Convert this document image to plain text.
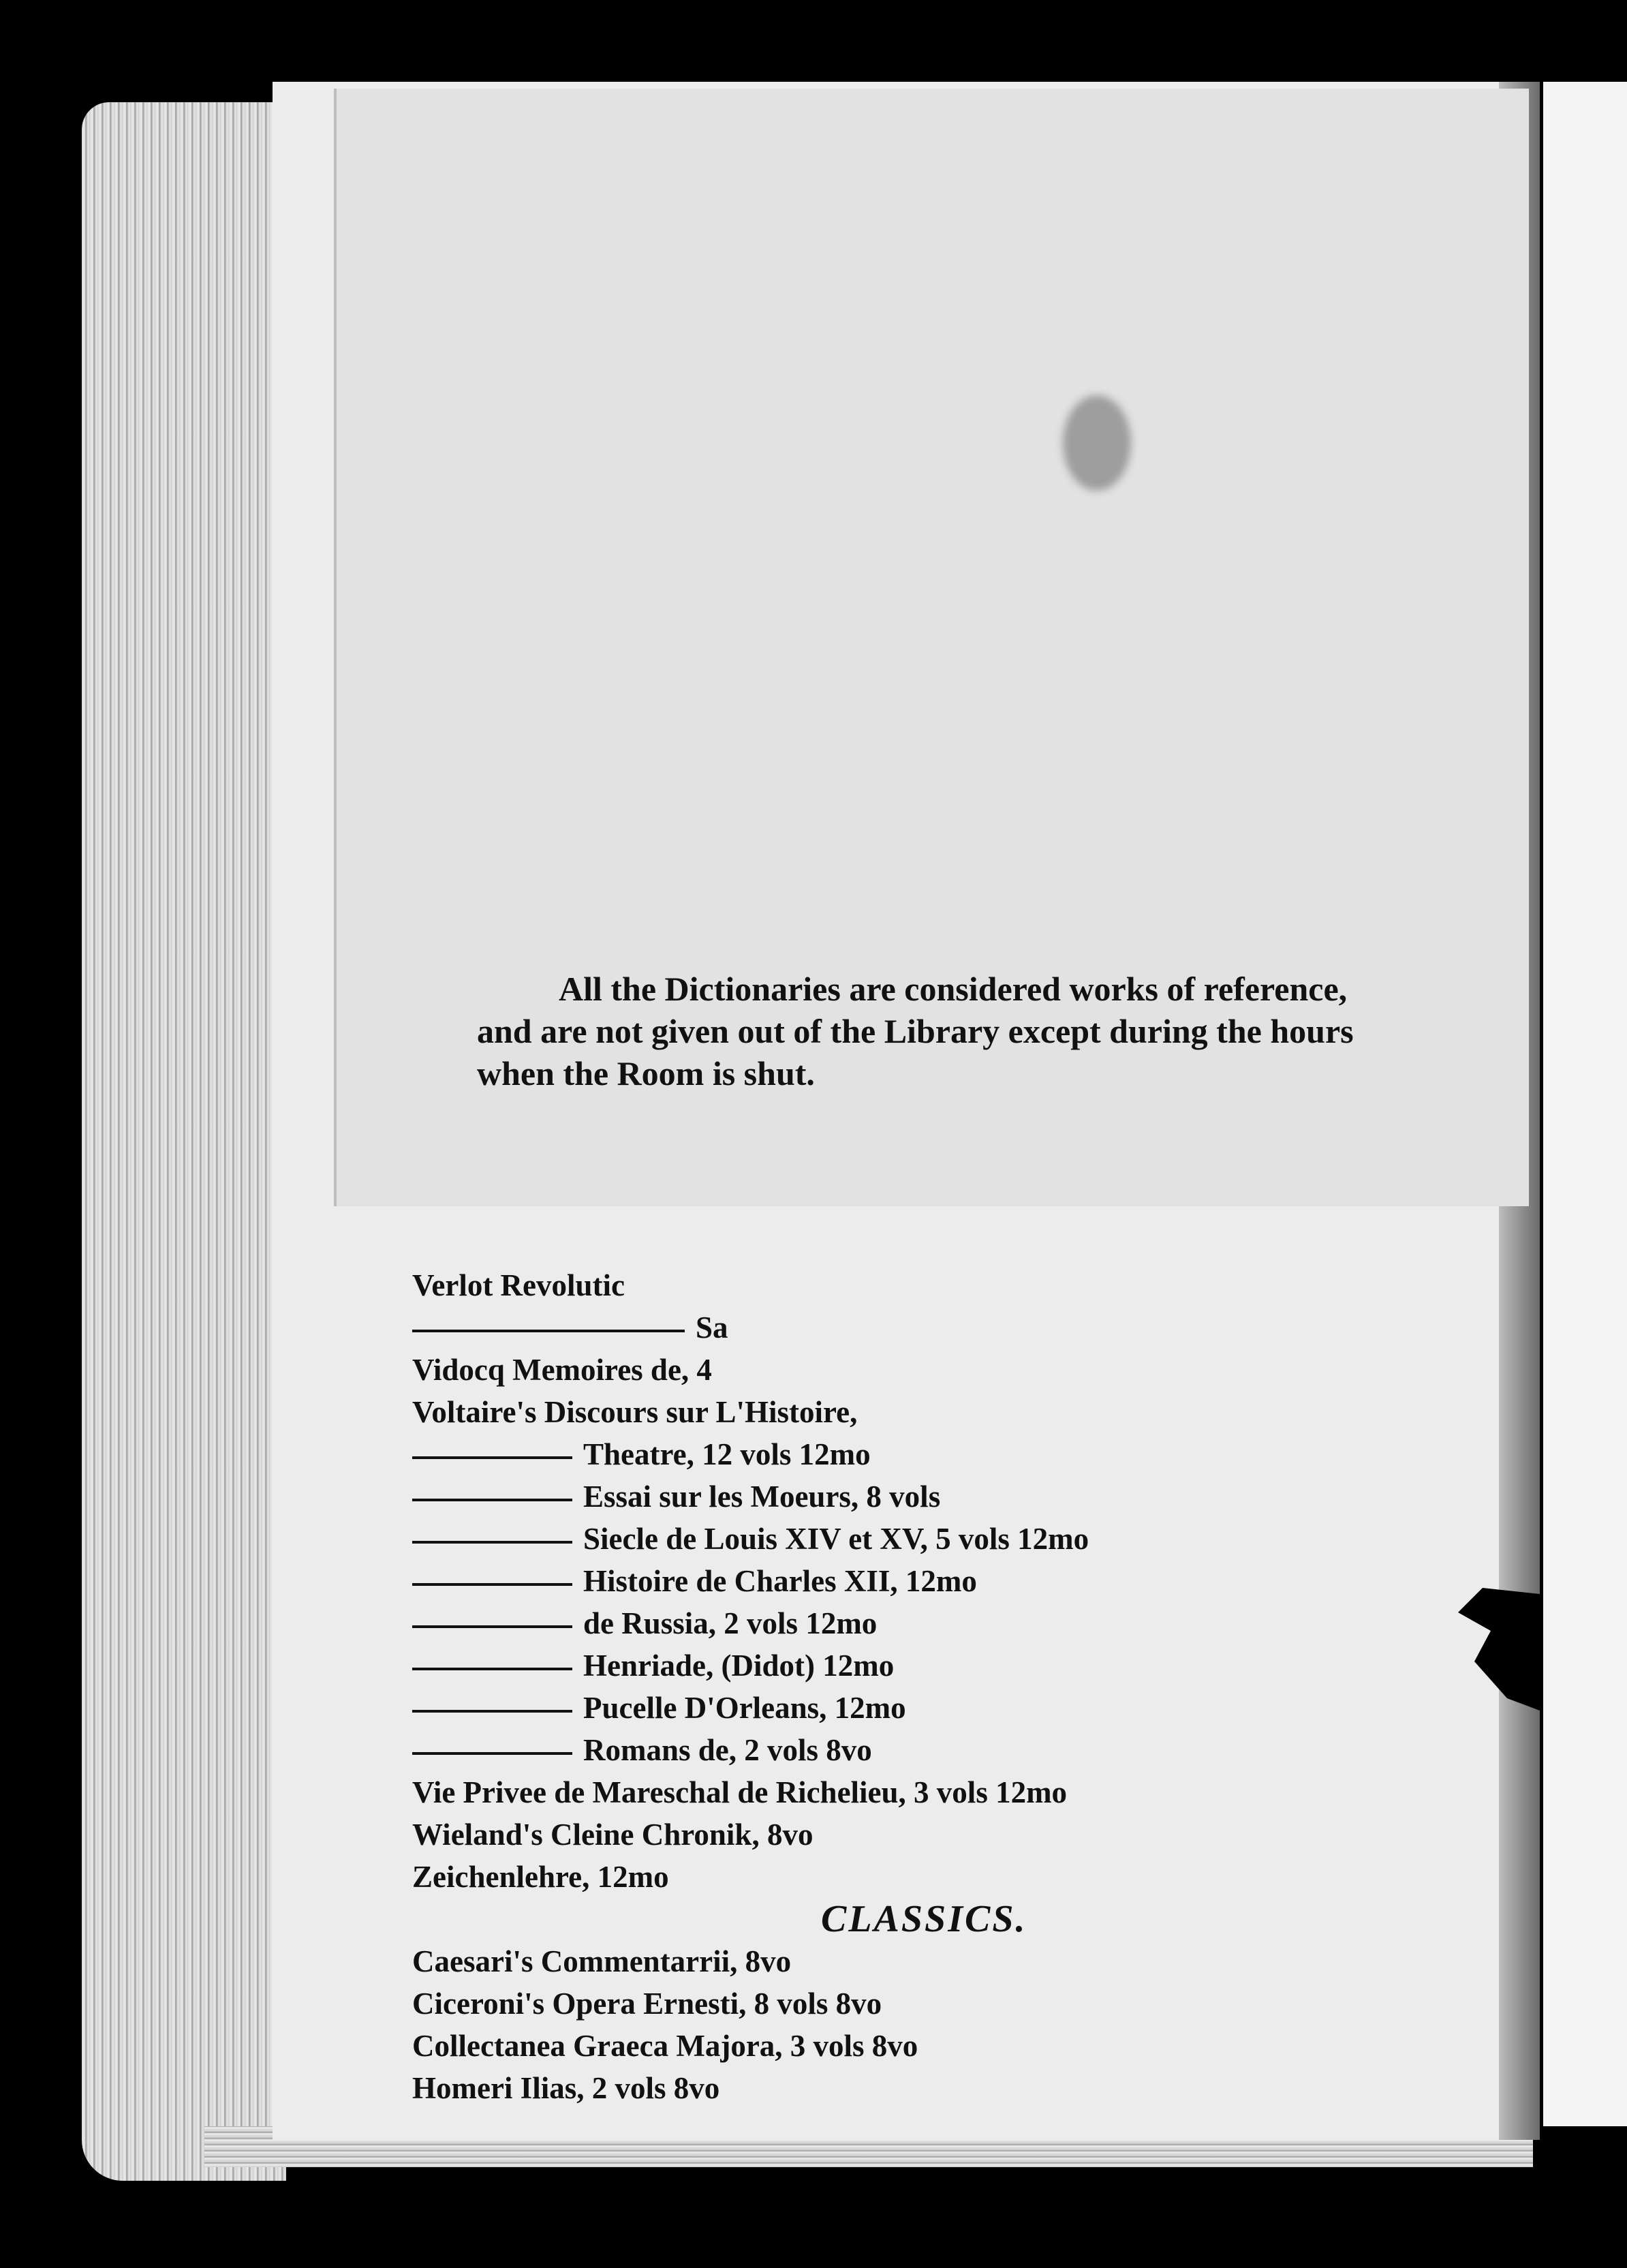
All the Dictionaries are considered works of reference,
and are not given out of the Library except during the hours
when the Room is shut.
Verlot Revolutic
Sa
Vidocq Memoires de, 4
Voltaire's Discours sur L'Histoire,
Theatre, 12 vols 12mo
Essai sur les Moeurs, 8 vols
Siecle de Louis XIV et XV, 5 vols 12mo
Histoire de Charles XII, 12mo
de Russia, 2 vols 12mo
Henriade, (Didot) 12mo
Pucelle D'Orleans, 12mo
Romans de, 2 vols 8vo
Vie Privee de Mareschal de Richelieu, 3 vols 12mo
Wieland's Cleine Chronik, 8vo
Zeichenlehre, 12mo
CLASSICS.
Caesari's Commentarrii, 8vo
Ciceroni's Opera Ernesti, 8 vols 8vo
Collectanea Graeca Majora, 3 vols 8vo
Homeri Ilias, 2 vols 8vo
